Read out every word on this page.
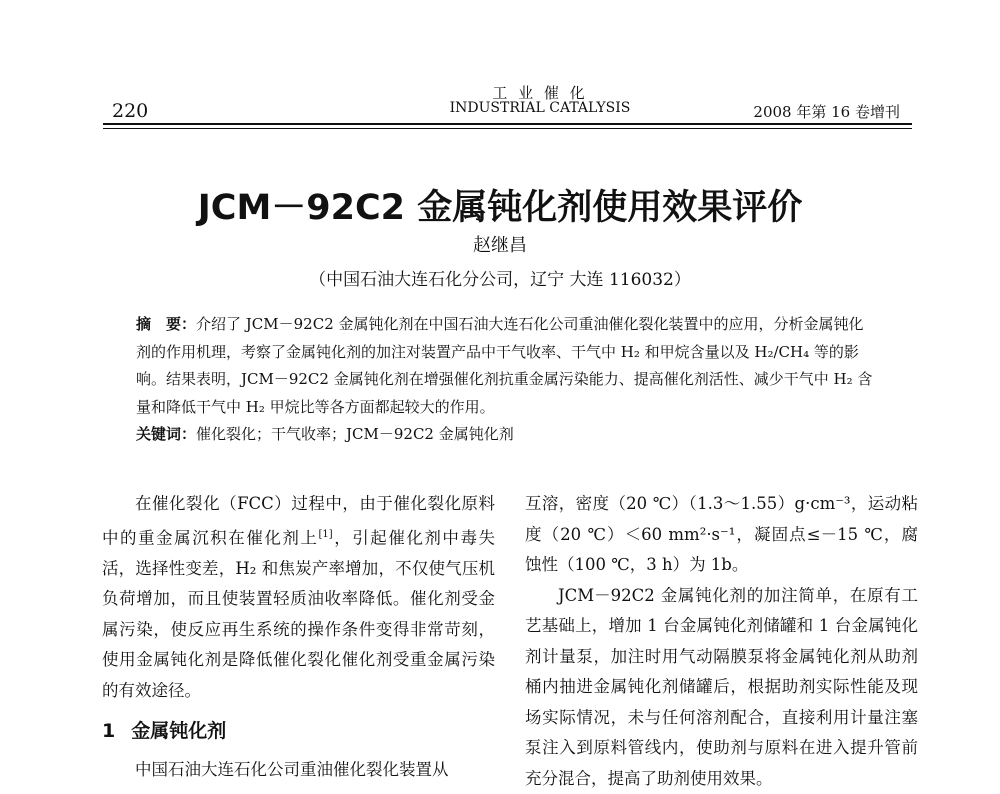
220
工 业 催 化
INDUSTRIAL CATALYSIS	2008 年第 16 卷增刊
JCM－92C2 金属钝化剂使用效果评价
赵继昌
（中国石油大连石化分公司，辽宁 大连 116032）
摘　要：介绍了 JCM－92C2 金属钝化剂在中国石油大连石化公司重油催化裂化装置中的应用，分析金属钝化剂的作用机理，考察了金属钝化剂的加注对装置产品中干气收率、干气中 H₂ 和甲烷含量以及 H₂/CH₄ 等的影响。结果表明，JCM－92C2 金属钝化剂在增强催化剂抗重金属污染能力、提高催化剂活性、减少干气中 H₂ 含量和降低干气中 H₂ 甲烷比等各方面都起较大的作用。
关键词：催化裂化；干气收率；JCM－92C2 金属钝化剂

在催化裂化（FCC）过程中，由于催化裂化原料中的重金属沉积在催化剂上[1]，引起催化剂中毒失活，选择性变差，H₂ 和焦炭产率增加，不仅使气压机负荷增加，而且使装置轻质油收率降低。催化剂受金属污染，使反应再生系统的操作条件变得非常苛刻，使用金属钝化剂是降低催化裂化催化剂受重金属污染的有效途径。

1 金属钝化剂

中国石油大连石化公司重油催化裂化装置从

互溶，密度（20 ℃）（1.3～1.55）g·cm⁻³，运动粘度（20 ℃）＜60 mm²·s⁻¹，凝固点≤－15 ℃，腐蚀性（100 ℃，3 h）为 1b。

JCM－92C2 金属钝化剂的加注简单，在原有工艺基础上，增加 1 台金属钝化剂储罐和 1 台金属钝化剂计量泵，加注时用气动隔膜泵将金属钝化剂从助剂桶内抽进金属钝化剂储罐后，根据助剂实际性能及现场实际情况，未与任何溶剂配合，直接利用计量注塞泵注入到原料管线内，使助剂与原料在进入提升管前充分混合，提高了助剂使用效果。
